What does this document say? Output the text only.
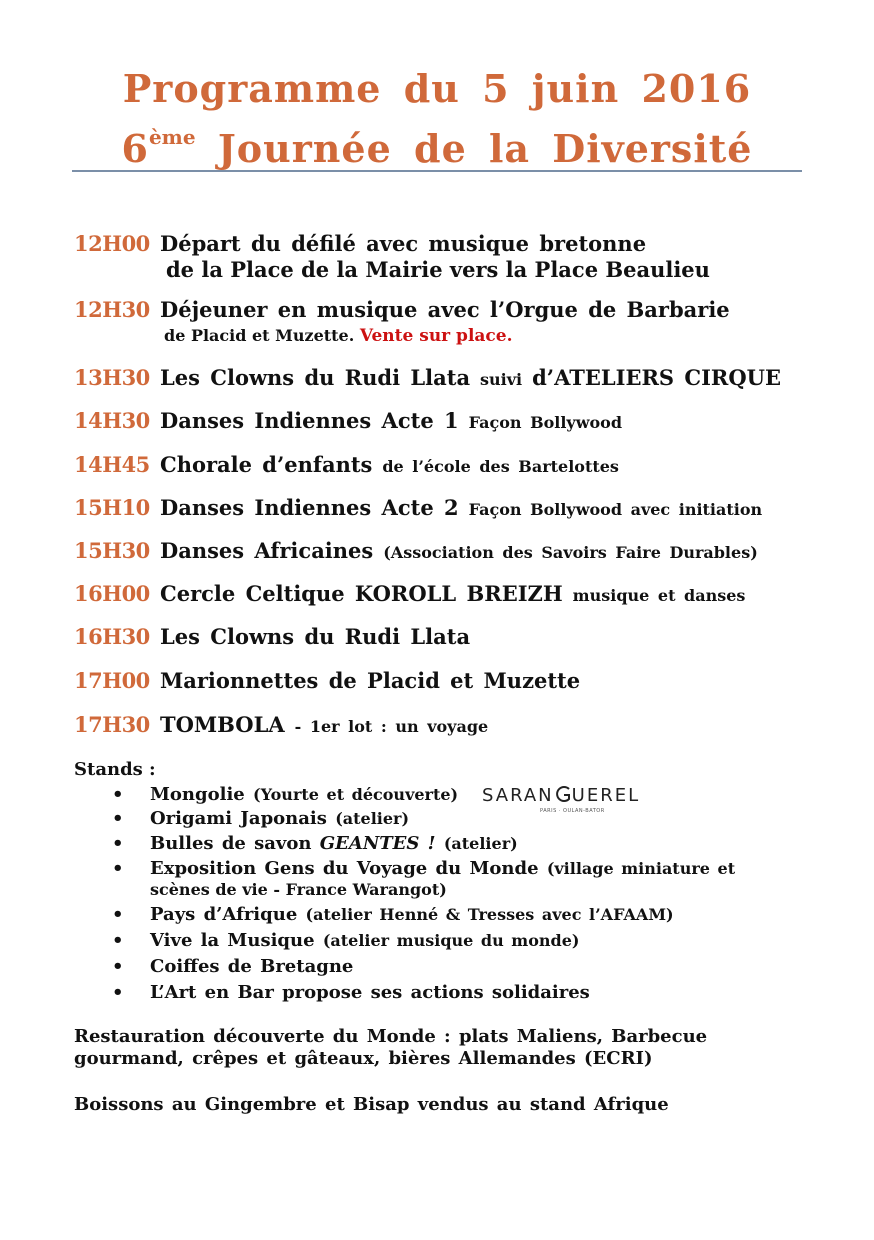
Programme du 5 juin 2016
6ème Journée de la Diversité
12H00 Départ du défilé avec musique bretonne
de la Place de la Mairie vers la Place Beaulieu
12H30 Déjeuner en musique avec l’Orgue de Barbarie
de Placid et Muzette. Vente sur place.
13H30 Les Clowns du Rudi Llata suivi d’ATELIERS CIRQUE
14H30 Danses Indiennes Acte 1 Façon Bollywood
14H45 Chorale d’enfants de l’école des Bartelottes
15H10 Danses Indiennes Acte 2 Façon Bollywood avec initiation
15H30 Danses Africaines (Association des Savoirs Faire Durables)
16H00 Cercle Celtique KOROLL BREIZH musique et danses
16H30 Les Clowns du Rudi Llata
17H00 Marionnettes de Placid et Muzette
17H30 TOMBOLA - 1er lot : un voyage
Stands :
• Mongolie (Yourte et découverte) SARAN UEREL
PARIS · OULAN-BATOR
• Origami Japonais (atelier)
• Bulles de savon GEANTES ! (atelier)
• Exposition Gens du Voyage du Monde (village miniature et
scènes de vie - France Warangot)
• Pays d’Afrique (atelier Henné & Tresses avec l’AFAAM)
• Vive la Musique (atelier musique du monde)
• Coiffes de Bretagne
• L’Art en Bar propose ses actions solidaires
Restauration découverte du Monde : plats Maliens, Barbecue gourmand, crêpes et gâteaux, bières Allemandes (ECRI)
Boissons au Gingembre et Bisap vendus au stand Afrique
